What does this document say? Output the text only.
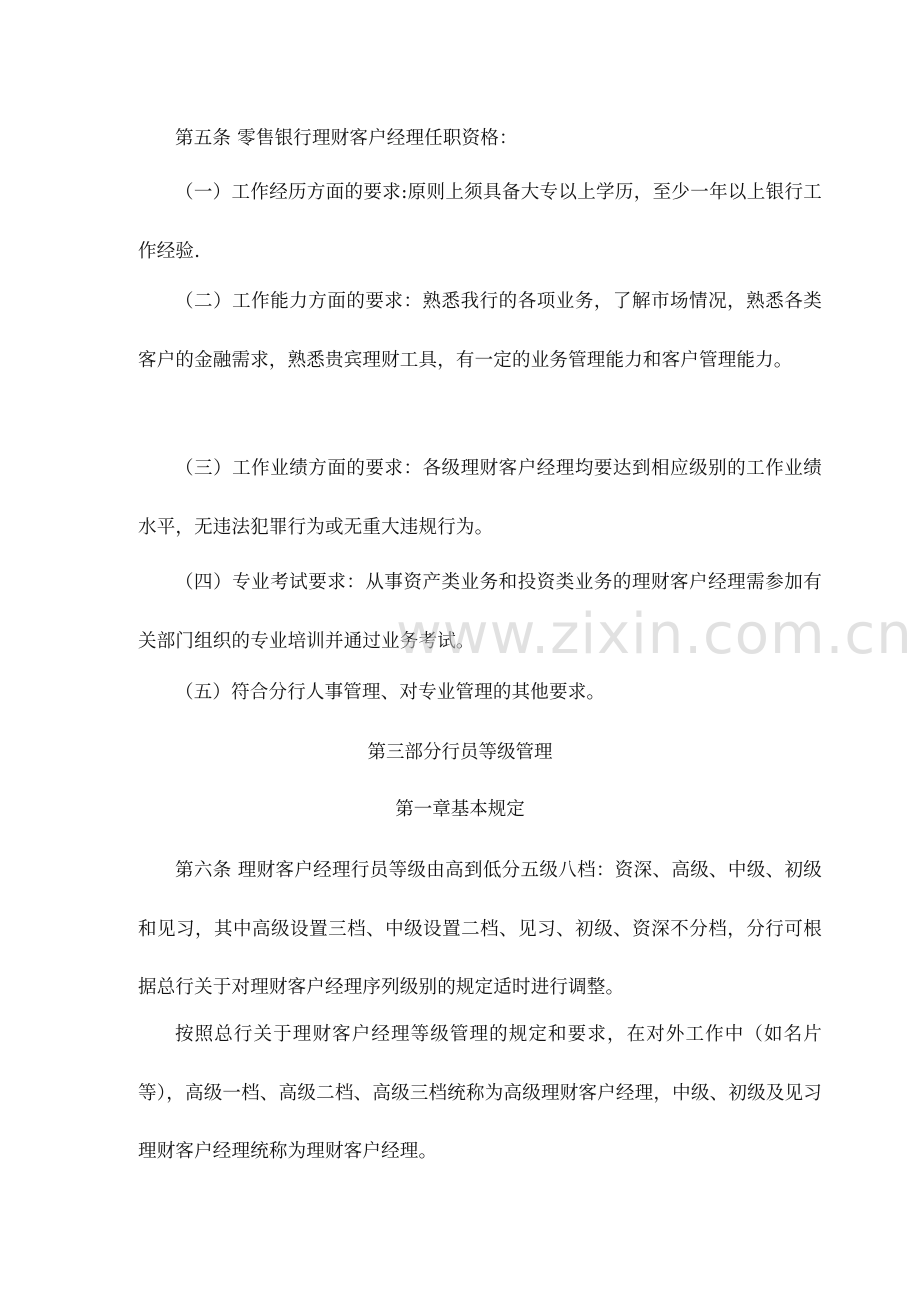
第五条 零售银行理财客户经理任职资格：

（一）工作经历方面的要求:原则上须具备大专以上学历，至少一年以上银行工作经验.

（二）工作能力方面的要求：熟悉我行的各项业务，了解市场情况，熟悉各类客户的金融需求，熟悉贵宾理财工具，有一定的业务管理能力和客户管理能力。

（三）工作业绩方面的要求：各级理财客户经理均要达到相应级别的工作业绩水平，无违法犯罪行为或无重大违规行为。

（四）专业考试要求：从事资产类业务和投资类业务的理财客户经理需参加有关部门组织的专业培训并通过业务考试。

（五）符合分行人事管理、对专业管理的其他要求。

第三部分行员等级管理

第一章基本规定

第六条 理财客户经理行员等级由高到低分五级八档：资深、高级、中级、初级和见习，其中高级设置三档、中级设置二档、见习、初级、资深不分档，分行可根据总行关于对理财客户经理序列级别的规定适时进行调整。

按照总行关于理财客户经理等级管理的规定和要求，在对外工作中（如名片等），高级一档、高级二档、高级三档统称为高级理财客户经理，中级、初级及见习理财客户经理统称为理财客户经理。

www.zixin.com.cn
